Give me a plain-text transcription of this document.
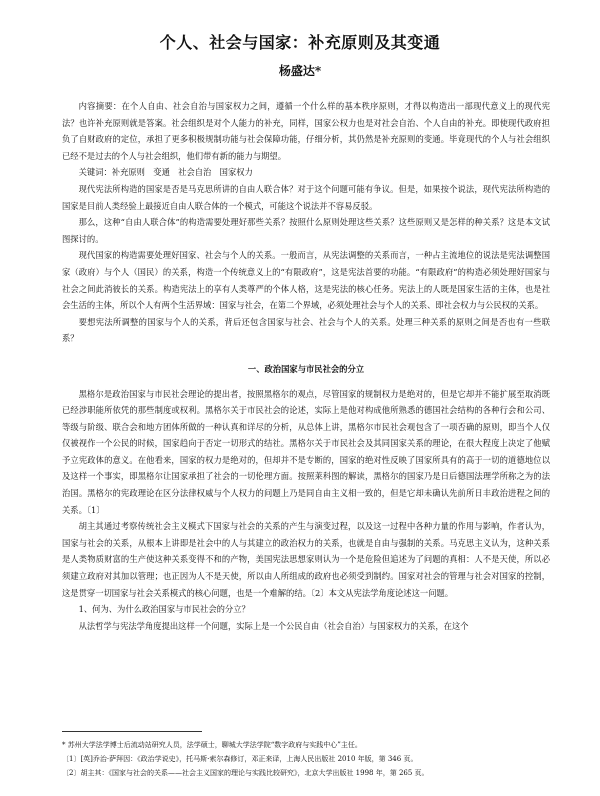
个人、社会与国家：补充原则及其变通
杨盛达*

内容摘要：在个人自由、社会自治与国家权力之间，遵循一个什么样的基本秩序原则，才得以构造出一部现代意义上的现代宪法？也许补充原则就是答案。社会组织是对个人能力的补充，同样，国家公权力也是对社会自治、个人自由的补充。即使现代政府担负了自财政府的定位，承担了更多积极规制功能与社会保障功能，仔细分析，其仍然是补充原则的变通。毕竟现代的个人与社会组织已经不是过去的个人与社会组织，他们带有新的能力与期望。

关键词：补充原则　变通　社会自治　国家权力

现代宪法所构造的国家是否是马克思所讲的自由人联合体？对于这个问题可能有争议。但是，如果按个说法，现代宪法所构造的国家是目前人类经验上最接近自由人联合体的一个模式，可能这个说法并不容易反驳。

那么，这种“自由人联合体”的构造需要处理好那些关系？按照什么原则处理这些关系？这些原则又是怎样的种关系？这是本文试图探讨的。

现代国家的构造需要处理好国家、社会与个人的关系。一般而言，从宪法调整的关系而言，一种占主流地位的说法是宪法调整国家（政府）与个人（国民）的关系，构造一个传统意义上的“有限政府”，这是宪法首要的功能。“有限政府”的构造必须处理好国家与社会之间此消彼长的关系。构造宪法上的享有人类尊严的个体人格，这是宪法的核心任务。宪法上的人既是国家生活的主体，也是社会生活的主体，所以个人有两个生活界域：国家与社会，在第二个界域，必须处理社会与个人的关系、即社会权力与公民权的关系。

要想宪法所调整的国家与个人的关系，背后还包含国家与社会、社会与个人的关系。处理三种关系的原则之间是否也有一些联系？

一、政治国家与市民社会的分立

黑格尔是政治国家与市民社会理论的提出者，按照黑格尔的观点，尽管国家的规制权力是绝对的，但是它却并不能扩展至取消既已经涉职能所依凭的那些制度或权利。黑格尔关于市民社会的论述，实际上是他对构成他所熟悉的德国社会结构的各种行会和公司、等级与阶级、联合会和地方团体所做的一种认真和详尽的分析，从总体上讲，黑格尔市民社会观包含了一项否确的原则，即当个人仅仅被视作一个公民的时候，国家趋向于否定一切形式的结社。黑格尔关于市民社会及其同国家关系的理论，在很大程度上决定了他赋予立宪政体的意义。在他看来，国家的权力是绝对的，但却并不是专断的，国家的绝对性反映了国家所具有的高于一切的道德地位以及这样一个事实，即黑格尔让国家承担了社会的一切伦理方面。按照莱科图的解读，黑格尔的国家乃是日后德国法理学所称之为的法治国。黑格尔的宪政理论在区分法律权威与个人权力的问题上乃是同自由主义相一致的，但是它却未确认先前所日丰政治进程之间的关系。〔1〕

胡主其通过考察传统社会主义模式下国家与社会的关系的产生与演变过程，以及这一过程中各种力量的作用与影响，作者认为，国家与社会的关系，从根本上讲即是社会中的人与其建立的政治权力的关系，也就是自由与强制的关系。马克思主义认为，这种关系是人类物质财富的生产使这种关系变得不和的产物，美国宪法思想家则认为一个是危险但追述为了问题的真相：人不是天使，所以必须建立政府对其加以管理；也正因为人不是天使，所以由人所组成的政府也必须受到制约。国家对社会的管理与社会对国家的控制，这是贯穿一切国家与社会关系模式的核心问题，也是一个难解的结。〔2〕本文从宪法学角度论述这一问题。

1、何为、为什么政治国家与市民社会的分立？

从法哲学与宪法学角度提出这样一个问题，实际上是一个公民自由（社会自治）与国家权力的关系，在这个

* 苏州大学法学博士后流动站研究人员，法学硕士，聊城大学法学院“数字政府与实践中心”主任。
〔1〕[英]乔治·萨拜因：《政治学说史》，托马斯·索尔森修订，邓正来译，上海人民出版社 2010 年版，第 346 页。
〔2〕胡主其：《国家与社会的关系——社会主义国家的理论与实践比较研究》，北京大学出版社 1998 年，第 265 页。
